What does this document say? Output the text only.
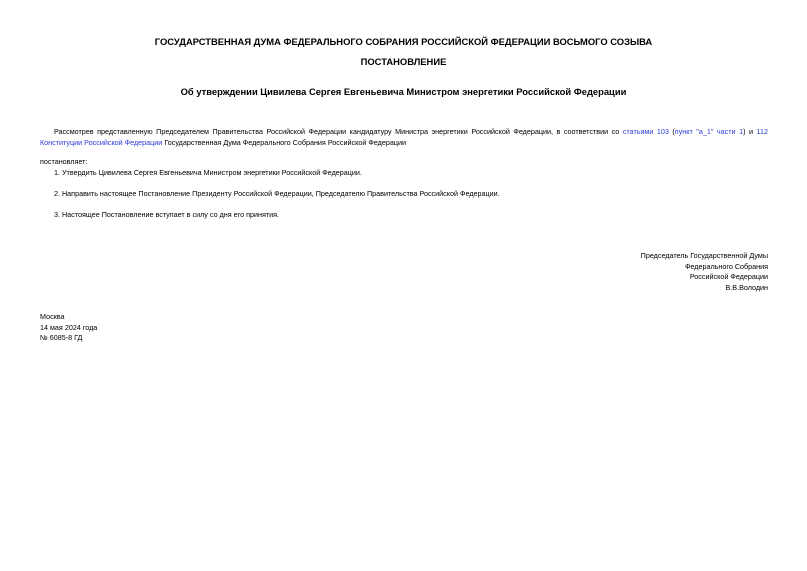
ГОСУДАРСТВЕННАЯ ДУМА ФЕДЕРАЛЬНОГО СОБРАНИЯ РОССИЙСКОЙ ФЕДЕРАЦИИ ВОСЬМОГО СОЗЫВА
ПОСТАНОВЛЕНИЕ
Об утверждении Цивилева Сергея Евгеньевича Министром энергетики Российской Федерации
Рассмотрев представленную Председателем Правительства Российской Федерации кандидатуру Министра энергетики Российской Федерации, в соответствии со статьями 103 (пункт "а_1" части 1) и 112 Конституции Российской Федерации Государственная Дума Федерального Собрания Российской Федерации
постановляет:
1. Утвердить Цивилева Сергея Евгеньевича Министром энергетики Российской Федерации.
2. Направить настоящее Постановление Президенту Российской Федерации, Председателю Правительства Российской Федерации.
3. Настоящее Постановление вступает в силу со дня его принятия.
Председатель Государственной Думы
Федерального Собрания
Российской Федерации
В.В.Володин
Москва
14 мая 2024 года
№ 6085-8 ГД
